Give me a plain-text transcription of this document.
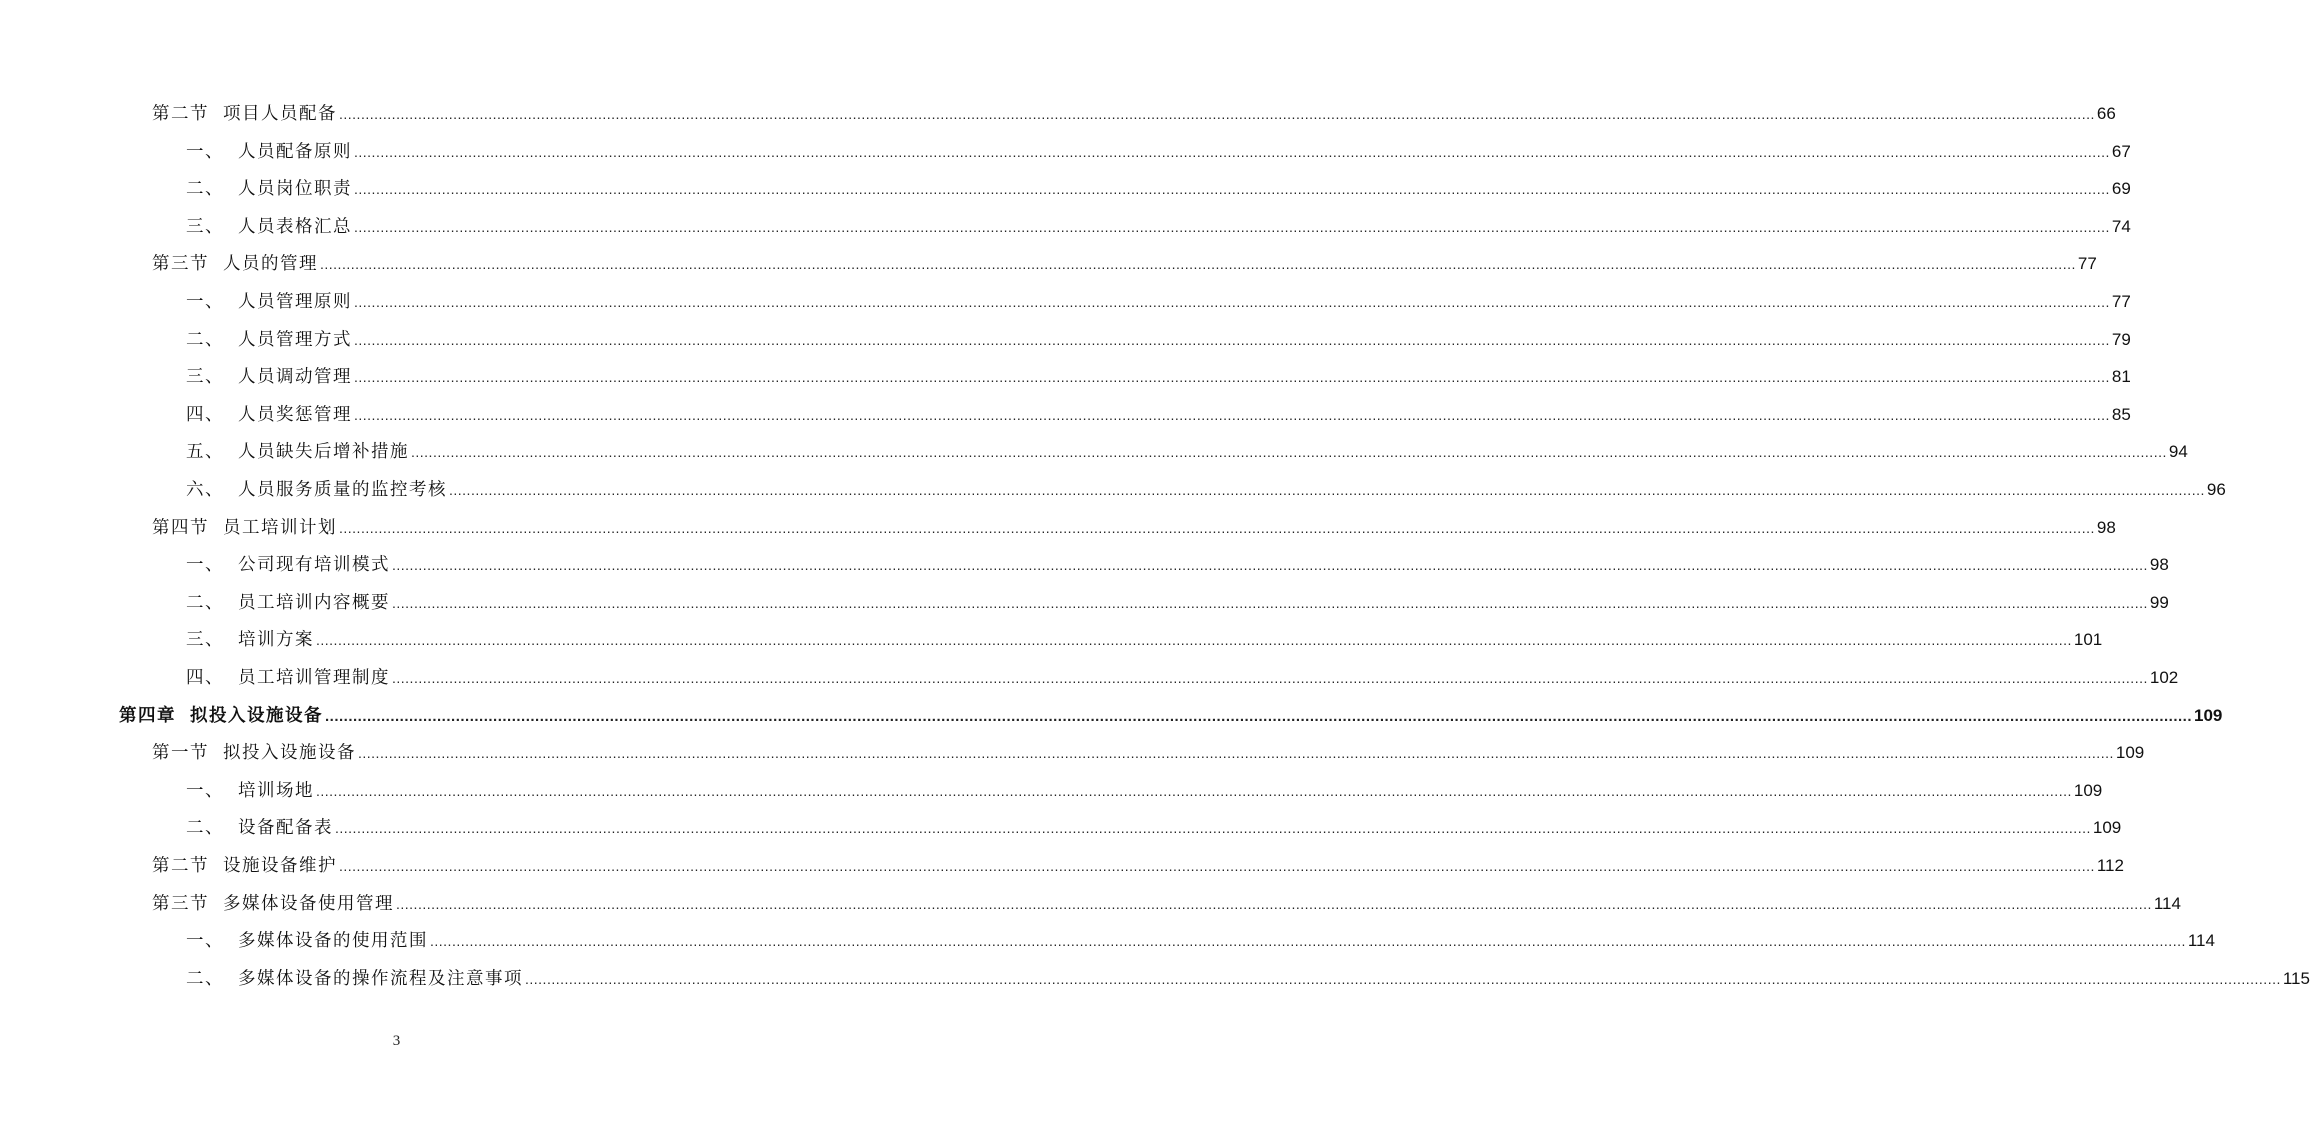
第二节 项目人员配备 ................................................................................................................................................................................................................................................................................................................................................................................................................ 66
一、 人员配备原则 ................................................................................................................................................................................................................................................................................................................................................................................................................ 67
二、 人员岗位职责 ................................................................................................................................................................................................................................................................................................................................................................................................................ 69
三、 人员表格汇总 ................................................................................................................................................................................................................................................................................................................................................................................................................ 74
第三节 人员的管理 ................................................................................................................................................................................................................................................................................................................................................................................................................ 77
一、 人员管理原则 ................................................................................................................................................................................................................................................................................................................................................................................................................ 77
二、 人员管理方式 ................................................................................................................................................................................................................................................................................................................................................................................................................ 79
三、 人员调动管理 ................................................................................................................................................................................................................................................................................................................................................................................................................ 81
四、 人员奖惩管理 ................................................................................................................................................................................................................................................................................................................................................................................................................ 85
五、 人员缺失后增补措施 ................................................................................................................................................................................................................................................................................................................................................................................................................ 94
六、 人员服务质量的监控考核 ................................................................................................................................................................................................................................................................................................................................................................................................................ 96
第四节 员工培训计划 ................................................................................................................................................................................................................................................................................................................................................................................................................ 98
一、 公司现有培训模式 ................................................................................................................................................................................................................................................................................................................................................................................................................ 98
二、 员工培训内容概要 ................................................................................................................................................................................................................................................................................................................................................................................................................ 99
三、 培训方案 ................................................................................................................................................................................................................................................................................................................................................................................................................ 101
四、 员工培训管理制度 ................................................................................................................................................................................................................................................................................................................................................................................................................ 102
第四章 拟投入设施设备 ................................................................................................................................................................................................................................................................................................................................................................................................................ 109
第一节 拟投入设施设备 ................................................................................................................................................................................................................................................................................................................................................................................................................ 109
一、 培训场地 ................................................................................................................................................................................................................................................................................................................................................................................................................ 109
二、 设备配备表 ................................................................................................................................................................................................................................................................................................................................................................................................................ 109
第二节 设施设备维护 ................................................................................................................................................................................................................................................................................................................................................................................................................ 112
第三节 多媒体设备使用管理 ................................................................................................................................................................................................................................................................................................................................................................................................................ 114
一、 多媒体设备的使用范围 ................................................................................................................................................................................................................................................................................................................................................................................................................ 114
二、 多媒体设备的操作流程及注意事项 ................................................................................................................................................................................................................................................................................................................................................................................................................ 115
3
